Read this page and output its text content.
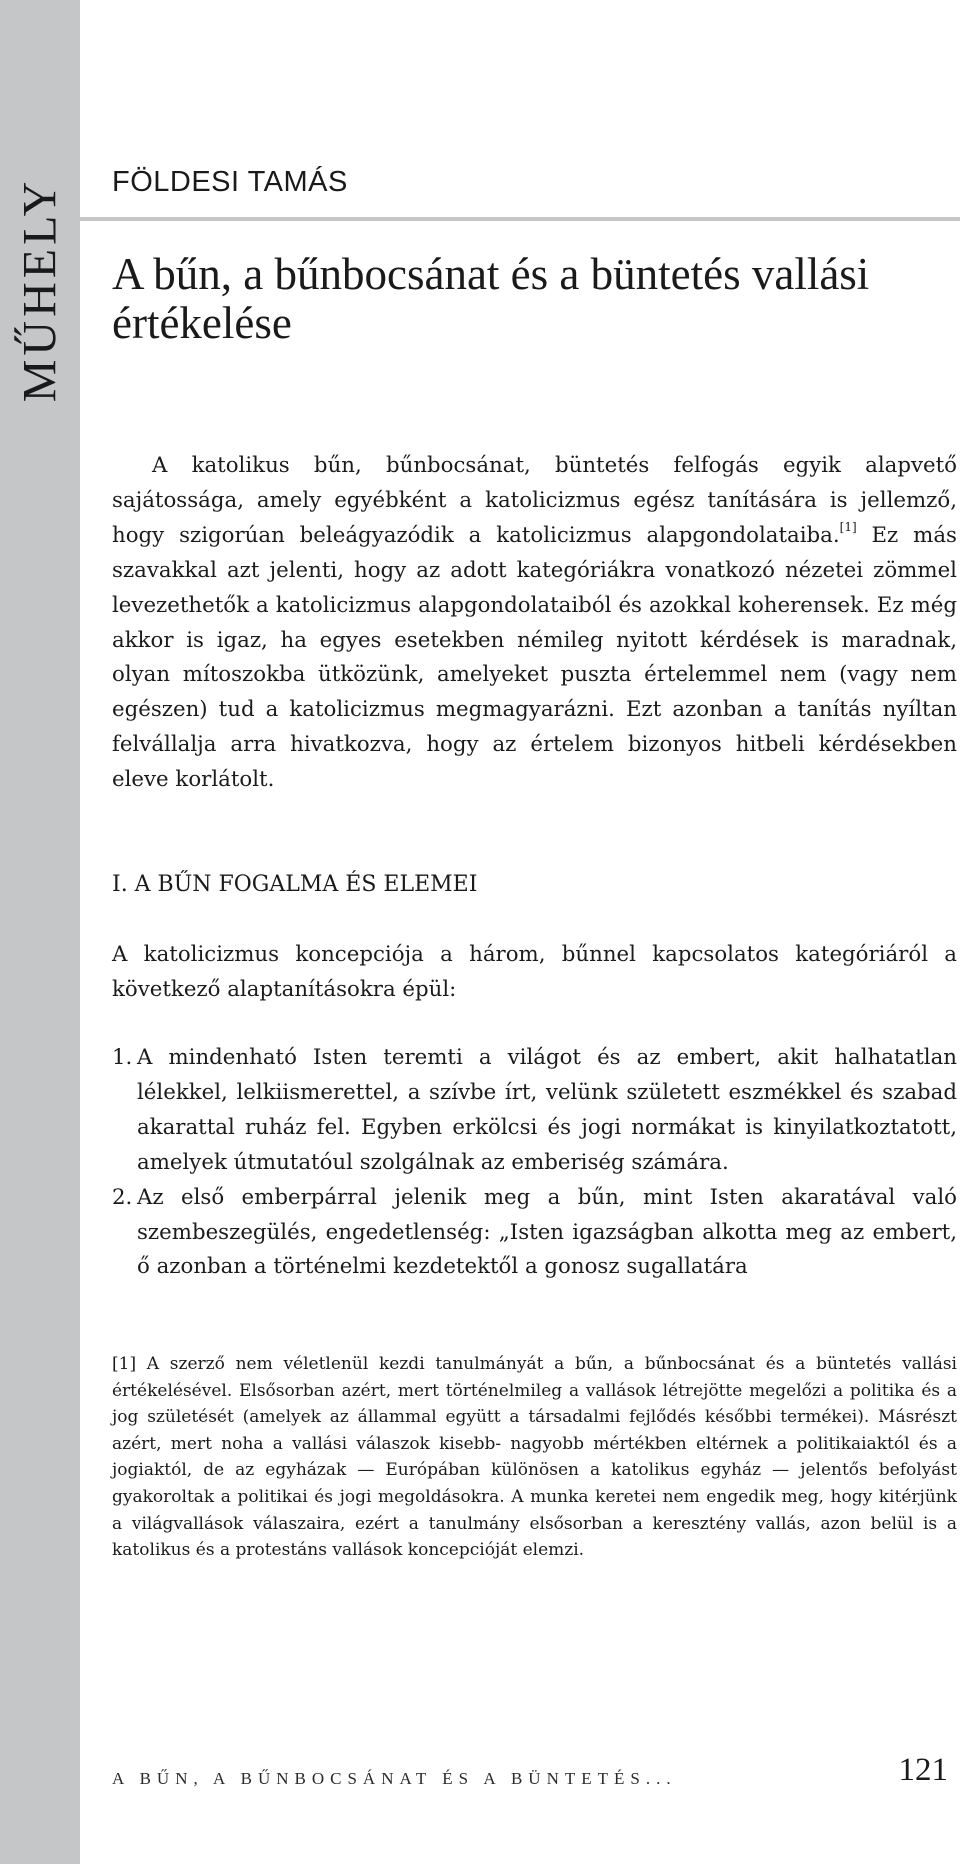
MŰHELY FÖLDESI TAMÁS
A bűn, a bűnbocsánat és a büntetés vallási értékelése

A katolikus bűn, bűnbocsánat, büntetés felfogás egyik alapvető sajátossága, amely egyébként a katolicizmus egész tanítására is jellemző, hogy szigorúan beleágyazódik a katolicizmus alapgondolataiba.[1] Ez más szavakkal azt jelenti, hogy az adott kategóriákra vonatkozó nézetei zömmel levezethetők a katolicizmus alapgondolataiból és azokkal koherensek. Ez még akkor is igaz, ha egyes esetekben némileg nyitott kérdések is maradnak, olyan mítoszokba ütközünk, amelyeket puszta értelemmel nem (vagy nem egészen) tud a katolicizmus megmagyarázni. Ezt azonban a tanítás nyíltan felvállalja arra hivatkozva, hogy az értelem bizonyos hitbeli kérdésekben eleve korlátolt.

I. A BŰN FOGALMA ÉS ELEMEI

A katolicizmus koncepciója a három, bűnnel kapcsolatos kategóriáról a következő alaptanításokra épül:

1. A mindenható Isten teremti a világot és az embert, akit halhatatlan lélekkel, lelkiismerettel, a szívbe írt, velünk született eszmékkel és szabad akarattal ruház fel. Egyben erkölcsi és jogi normákat is kinyilatkoztatott, amelyek útmutatóul szolgálnak az emberiség számára.
2. Az első emberpárral jelenik meg a bűn, mint Isten akaratával való szembeszegülés, engedetlenség: „Isten igazságban alkotta meg az embert, ő azonban a történelmi kezdetektől a gonosz sugallatára

[1] A szerző nem véletlenül kezdi tanulmányát a bűn, a bűnbocsánat és a büntetés vallási értékelésével. Elsősorban azért, mert történelmileg a vallások létrejötte megelőzi a politika és a jog születését (amelyek az állammal együtt a társadalmi fejlődés későbbi termékei). Másrészt azért, mert noha a vallási válaszok kisebb- nagyobb mértékben eltérnek a politikaiaktól és a jogiaktól, de az egyházak — Európában különösen a katolikus egyház — jelentős befolyást gyakoroltak a politikai és jogi megoldásokra. A munka keretei nem engedik meg, hogy kitérjünk a világvallások válaszaira, ezért a tanulmány elsősorban a keresztény vallás, azon belül is a katolikus és a protestáns vallások koncepcióját elemzi.

A BŰN, A BŰNBOCSÁNAT ÉS A BÜNTETÉS...	121
